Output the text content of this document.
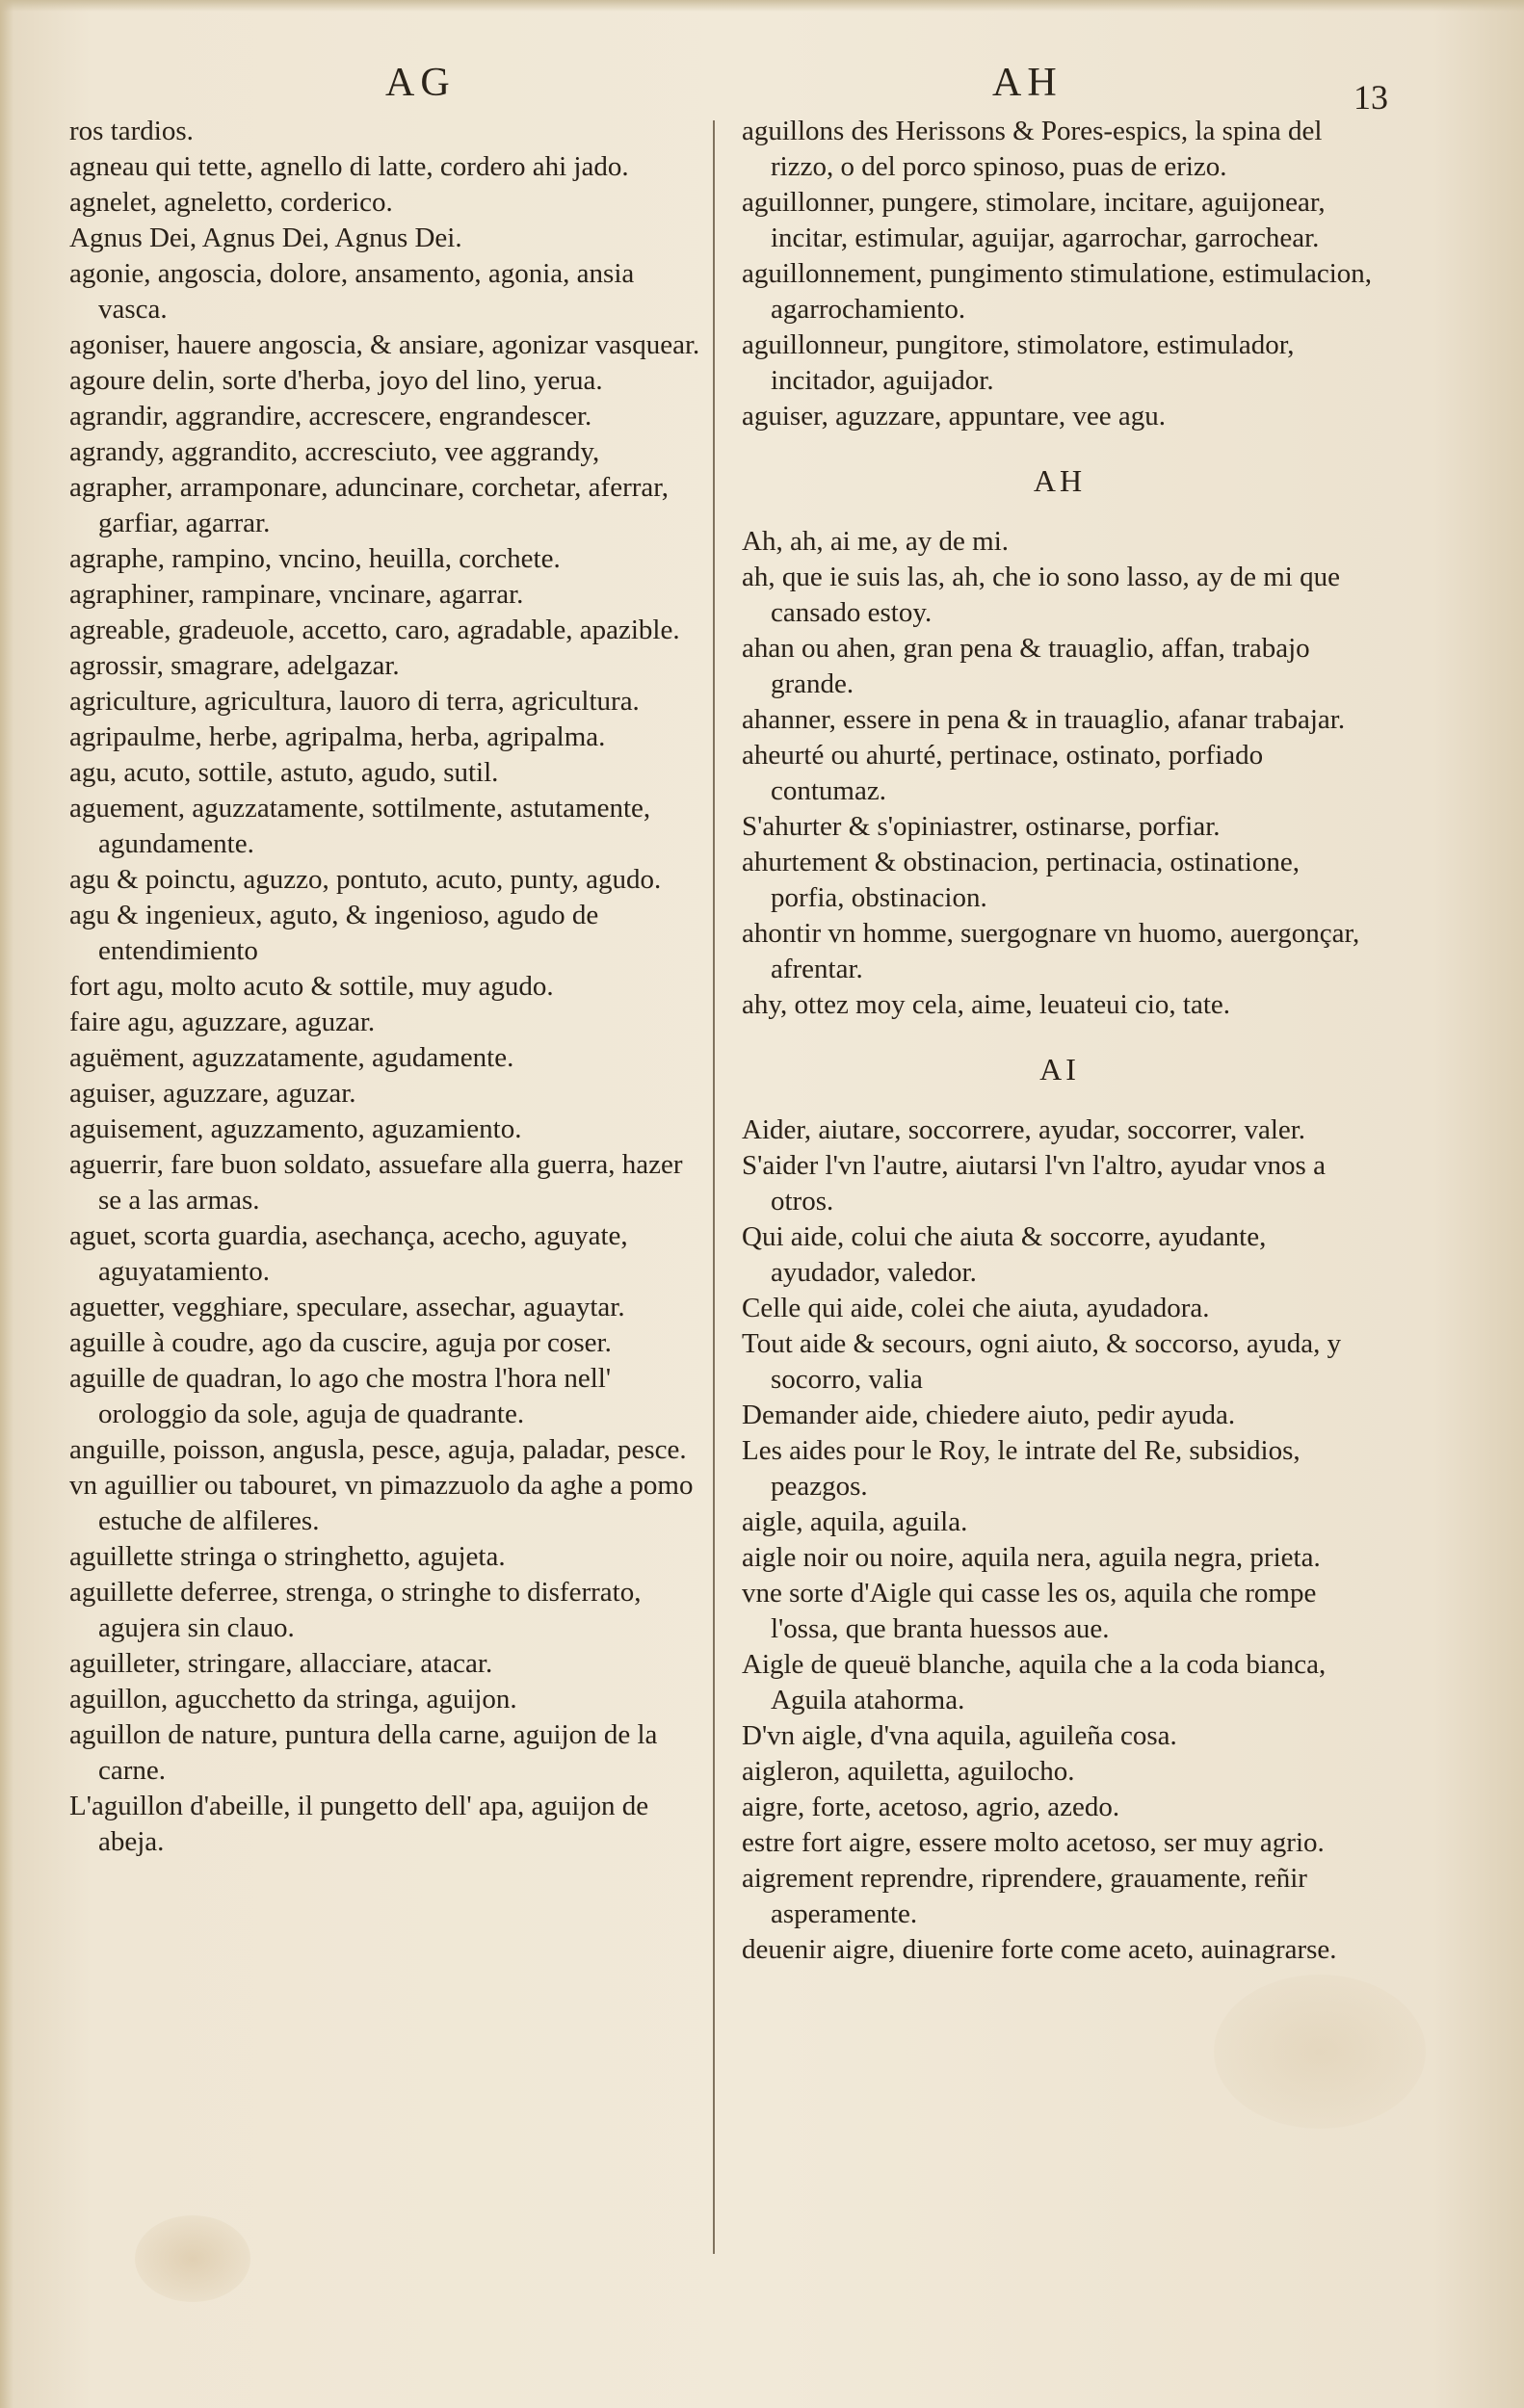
AG	AH	13

ros tardios.

agneau qui tette, agnello di latte, cordero ahi jado.

agnelet, agneletto, corderico.

Agnus Dei, Agnus Dei, Agnus Dei.

agonie, angoscia, dolore, ansamento, agonia, ansia vasca.

agoniser, hauere angoscia, & ansiare, agonizar vasquear.

agoure delin, sorte d'herba, joyo del lino, yerua.

agrandir, aggrandire, accrescere, engrandescer.

agrandy, aggrandito, accresciuto, vee aggrandy,

agrapher, arramponare, aduncinare, corchetar, aferrar, garfiar, agarrar.

agraphe, rampino, vncino, heuilla, corchete.

agraphiner, rampinare, vncinare, agarrar.

agreable, gradeuole, accetto, caro, agradable, apazible.

agrossir, smagrare, adelgazar.

agriculture, agricultura, lauoro di terra, agricultura.

agripaulme, herbe, agripalma, herba, agripalma.

agu, acuto, sottile, astuto, agudo, sutil.

aguement, aguzzatamente, sottilmente, astutamente, agundamente.

agu & poinctu, aguzzo, pontuto, acuto, punty, agudo.

agu & ingenieux, aguto, & ingenioso, agudo de entendimiento

fort agu, molto acuto & sottile, muy agudo.

faire agu, aguzzare, aguzar.

aguëment, aguzzatamente, agudamente.

aguiser, aguzzare, aguzar.

aguisement, aguzzamento, aguzamiento.

aguerrir, fare buon soldato, assuefare alla guerra, hazer se a las armas.

aguet, scorta guardia, asechança, acecho, aguyate, aguyatamiento.

aguetter, vegghiare, speculare, assechar, aguaytar.

aguille à coudre, ago da cuscire, aguja por coser.

aguille de quadran, lo ago che mostra l'hora nell' orologgio da sole, aguja de quadrante.

anguille, poisson, angusla, pesce, aguja, paladar, pesce.

vn aguillier ou tabouret, vn pimazzuolo da aghe a pomo estuche de alfileres.

aguillette stringa o stringhetto, agujeta.

aguillette deferree, strenga, o stringhe to disferrato, agujera sin clauo.

aguilleter, stringare, allacciare, atacar.

aguillon, agucchetto da stringa, aguijon.

aguillon de nature, puntura della carne, aguijon de la carne.

L'aguillon d'abeille, il pungetto dell' apa, aguijon de abeja.

aguillons des Herissons & Pores-espics, la spina del rizzo, o del porco spinoso, puas de erizo.

aguillonner, pungere, stimolare, incitare, aguijonear, incitar, estimular, aguijar, agarrochar, garrochear.

aguillonnement, pungimento stimulatione, estimulacion, agarrochamiento.

aguillonneur, pungitore, stimolatore, estimulador, incitador, aguijador.

aguiser, aguzzare, appuntare, vee agu.

AH

Ah, ah, ai me, ay de mi.

ah, que ie suis las, ah, che io sono lasso, ay de mi que cansado estoy.

ahan ou ahen, gran pena & trauaglio, affan, trabajo grande.

ahanner, essere in pena & in trauaglio, afanar trabajar.

aheurté ou ahurté, pertinace, ostinato, porfiado contumaz.

S'ahurter & s'opiniastrer, ostinarse, porfiar.

ahurtement & obstinacion, pertinacia, ostinatione, porfia, obstinacion.

ahontir vn homme, suergognare vn huomo, auergonçar, afrentar.

ahy, ottez moy cela, aime, leuateui cio, tate.

AI

Aider, aiutare, soccorrere, ayudar, soccorrer, valer.

S'aider l'vn l'autre, aiutarsi l'vn l'altro, ayudar vnos a otros.

Qui aide, colui che aiuta & soccorre, ayudante, ayudador, valedor.

Celle qui aide, colei che aiuta, ayudadora.

Tout aide & secours, ogni aiuto, & soccorso, ayuda, y socorro, valia

Demander aide, chiedere aiuto, pedir ayuda.

Les aides pour le Roy, le intrate del Re, subsidios, peazgos.

aigle, aquila, aguila.

aigle noir ou noire, aquila nera, aguila negra, prieta.

vne sorte d'Aigle qui casse les os, aquila che rompe l'ossa, que branta huessos aue.

Aigle de queuë blanche, aquila che a la coda bianca, Aguila atahorma.

D'vn aigle, d'vna aquila, aguileña cosa.

aigleron, aquiletta, aguilocho.

aigre, forte, acetoso, agrio, azedo.

estre fort aigre, essere molto acetoso, ser muy agrio.

aigrement reprendre, riprendere, grauamente, reñir asperamente.

deuenir aigre, diuenire forte come aceto, auinagrarse.
